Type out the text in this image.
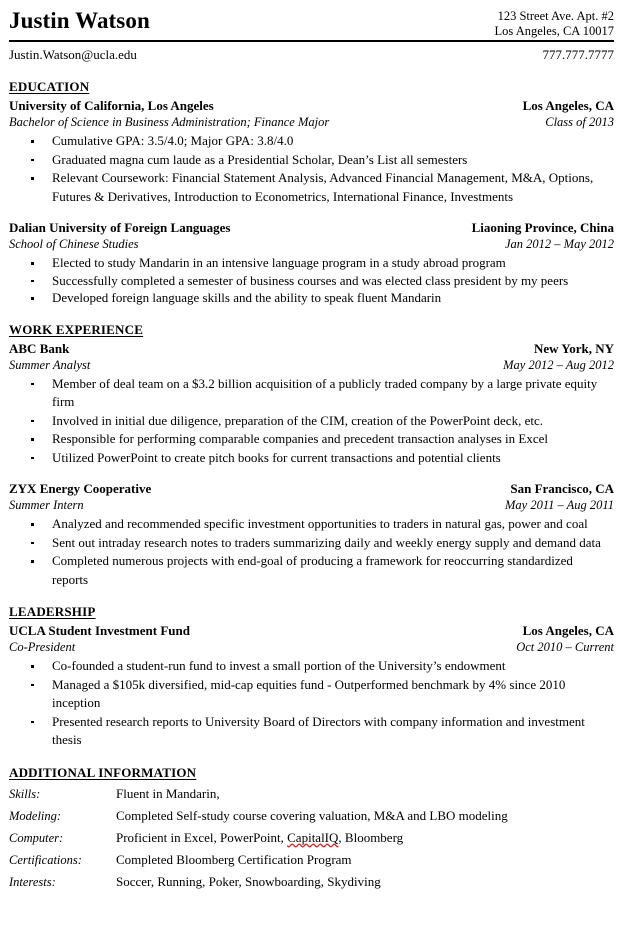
Justin Watson	123 Street Ave. Apt. #2
Los Angeles, CA 10017
Justin.Watson@ucla.edu	777.777.7777
EDUCATION
University of California, Los Angeles	Los Angeles, CA
Bachelor of Science in Business Administration; Finance Major	Class of 2013
Cumulative GPA: 3.5/4.0; Major GPA: 3.8/4.0
Graduated magna cum laude as a Presidential Scholar, Dean’s List all semesters
Relevant Coursework: Financial Statement Analysis, Advanced Financial Management, M&A, Options, Futures & Derivatives, Introduction to Econometrics, International Finance, Investments
Dalian University of Foreign Languages	Liaoning Province, China
School of Chinese Studies	Jan 2012 – May 2012
Elected to study Mandarin in an intensive language program in a study abroad program
Successfully completed a semester of business courses and was elected class president by my peers
Developed foreign language skills and the ability to speak fluent Mandarin
WORK EXPERIENCE
ABC Bank	New York, NY
Summer Analyst	May 2012 – Aug 2012
Member of deal team on a $3.2 billion acquisition of a publicly traded company by a large private equity firm
Involved in initial due diligence, preparation of the CIM, creation of the PowerPoint deck, etc.
Responsible for performing comparable companies and precedent transaction analyses in Excel
Utilized PowerPoint to create pitch books for current transactions and potential clients
ZYX Energy Cooperative	San Francisco, CA
Summer Intern	May 2011 – Aug 2011
Analyzed and recommended specific investment opportunities to traders in natural gas, power and coal
Sent out intraday research notes to traders summarizing daily and weekly energy supply and demand data
Completed numerous projects with end-goal of producing a framework for reoccurring standardized reports
LEADERSHIP
UCLA Student Investment Fund	Los Angeles, CA
Co-President	Oct 2010 – Current
Co-founded a student-run fund to invest a small portion of the University’s endowment
Managed a $105k diversified, mid-cap equities fund - Outperformed benchmark by 4% since 2010 inception
Presented research reports to University Board of Directors with company information and investment thesis
ADDITIONAL INFORMATION
Skills:	Fluent in Mandarin,
Modeling:	Completed Self-study course covering valuation, M&A and LBO modeling
Computer:	Proficient in Excel, PowerPoint, CapitalIQ, Bloomberg
Certifications:	Completed Bloomberg Certification Program
Interests:	Soccer, Running, Poker, Snowboarding, Skydiving
